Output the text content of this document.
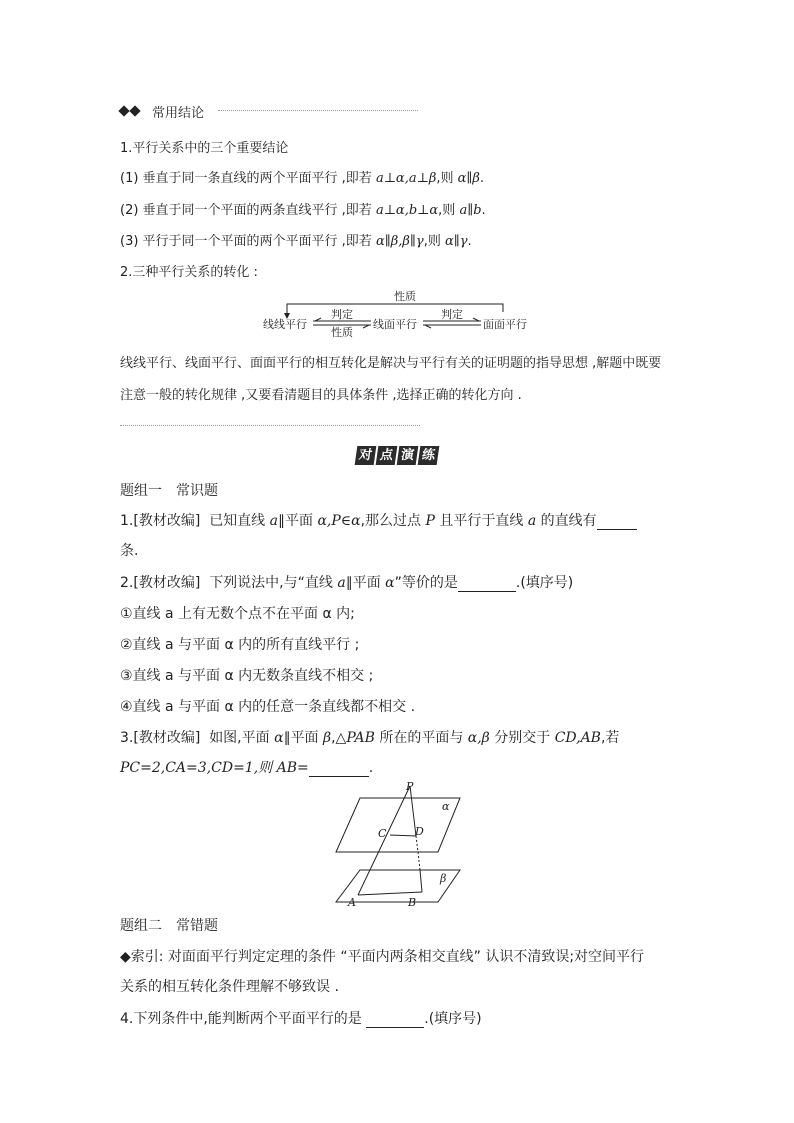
常用结论
1.平行关系中的三个重要结论
(1) 垂直于同一条直线的两个平面平行 ,即若 a⊥α,a⊥β,则 α∥β.
(2) 垂直于同一个平面的两条直线平行 ,即若 a⊥α,b⊥α,则 a∥b.
(3) 平行于同一个平面的两个平面平行 ,即若 α∥β,β∥γ,则 α∥γ.
2.三种平行关系的转化 :
性质
线线平行	线面平行	面面平行
判定
性质
判定
线线平行、线面平行、面面平行的相互转化是解决与平行有关的证明题的指导思想 ,解题中既要
注意一般的转化规律 ,又要看清题目的具体条件 ,选择正确的转化方向 .
对 点 演 练
题组一　常识题
1.[教材改编] 已知直线 a∥平面 α,P∈α,那么过点 P 且平行于直线 a 的直线有
条.
2.[教材改编] 下列说法中,与“直线 a∥平面 α”等价的是	.(填序号)
①直线 a 上有无数个点不在平面 α 内;
②直线 a 与平面 α 内的所有直线平行 ;
③直线 a 与平面 α 内无数条直线不相交 ;
④直线 a 与平面 α 内的任意一条直线都不相交 .
3.[教材改编] 如图,平面 α∥平面 β,△PAB 所在的平面与 α,β 分别交于 CD,AB,若
PC=2,CA=3,CD=1,则 AB=	.
P
C	D
α
β
A	B
题组二　常错题
◆索引: 对面面平行判定定理的条件 “平面内两条相交直线” 认识不清致误;对空间平行
关系的相互转化条件理解不够致误 .
4.下列条件中,能判断两个平面平行的是	.(填序号)
